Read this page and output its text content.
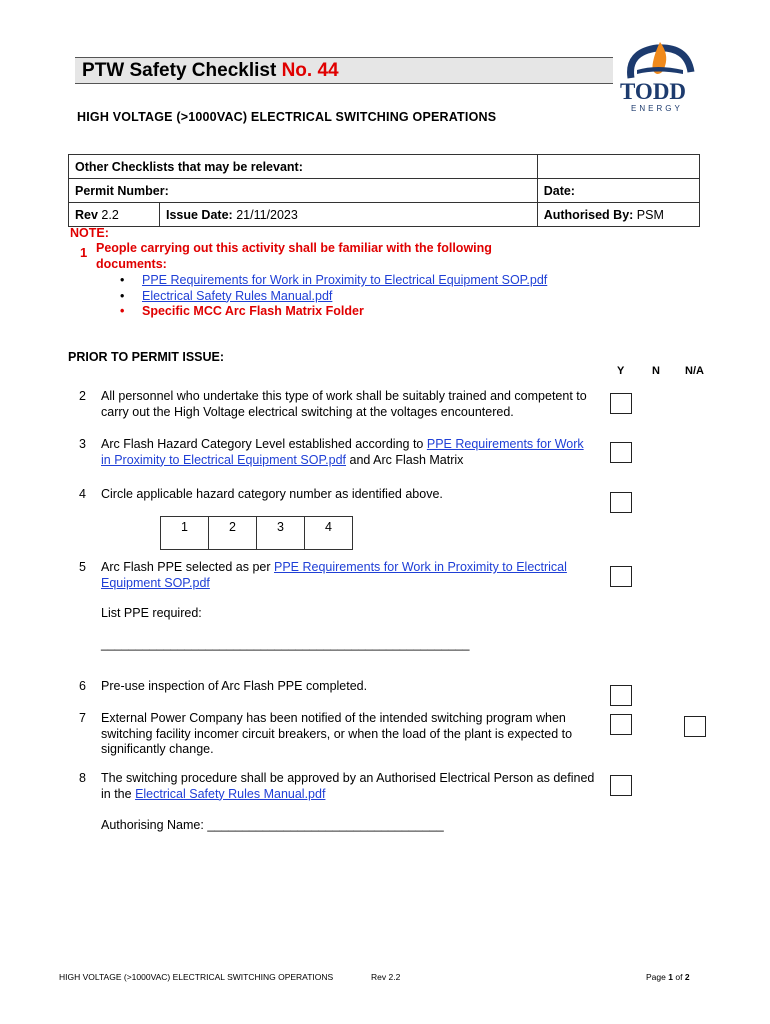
PTW Safety Checklist No. 44
HIGH VOLTAGE (>1000VAC) ELECTRICAL SWITCHING OPERATIONS
TODD
ENERGY
Other Checklists that may be relevant:		
Permit Number:		Date:
Rev 2.2	Issue Date: 21/11/2023	Authorised By: PSM
NOTE:
1 People carrying out this activity shall be familiar with the following documents:
• PPE Requirements for Work in Proximity to Electrical Equipment SOP.pdf
• Electrical Safety Rules Manual.pdf
• Specific MCC Arc Flash Matrix Folder
PRIOR TO PERMIT ISSUE:
Y	N N/A
2 All personnel who undertake this type of work shall be suitably trained and competent to carry out the High Voltage electrical switching at the voltages encountered.
3 Arc Flash Hazard Category Level established according to PPE Requirements for Work in Proximity to Electrical Equipment SOP.pdf and Arc Flash Matrix
4 Circle applicable hazard category number as identified above.
1	2	3	4
5 Arc Flash PPE selected as per PPE Requirements for Work in Proximity to Electrical Equipment SOP.pdf
List PPE required:
_____________________________________________________
6 Pre-use inspection of Arc Flash PPE completed.
7 External Power Company has been notified of the intended switching program when switching facility incomer circuit breakers, or when the load of the plant is expected to significantly change.
8 The switching procedure shall be approved by an Authorised Electrical Person as defined in the Electrical Safety Rules Manual.pdf
Authorising Name: __________________________________
HIGH VOLTAGE (>1000VAC) ELECTRICAL SWITCHING OPERATIONS	Rev 2.2	Page 1 of 2
